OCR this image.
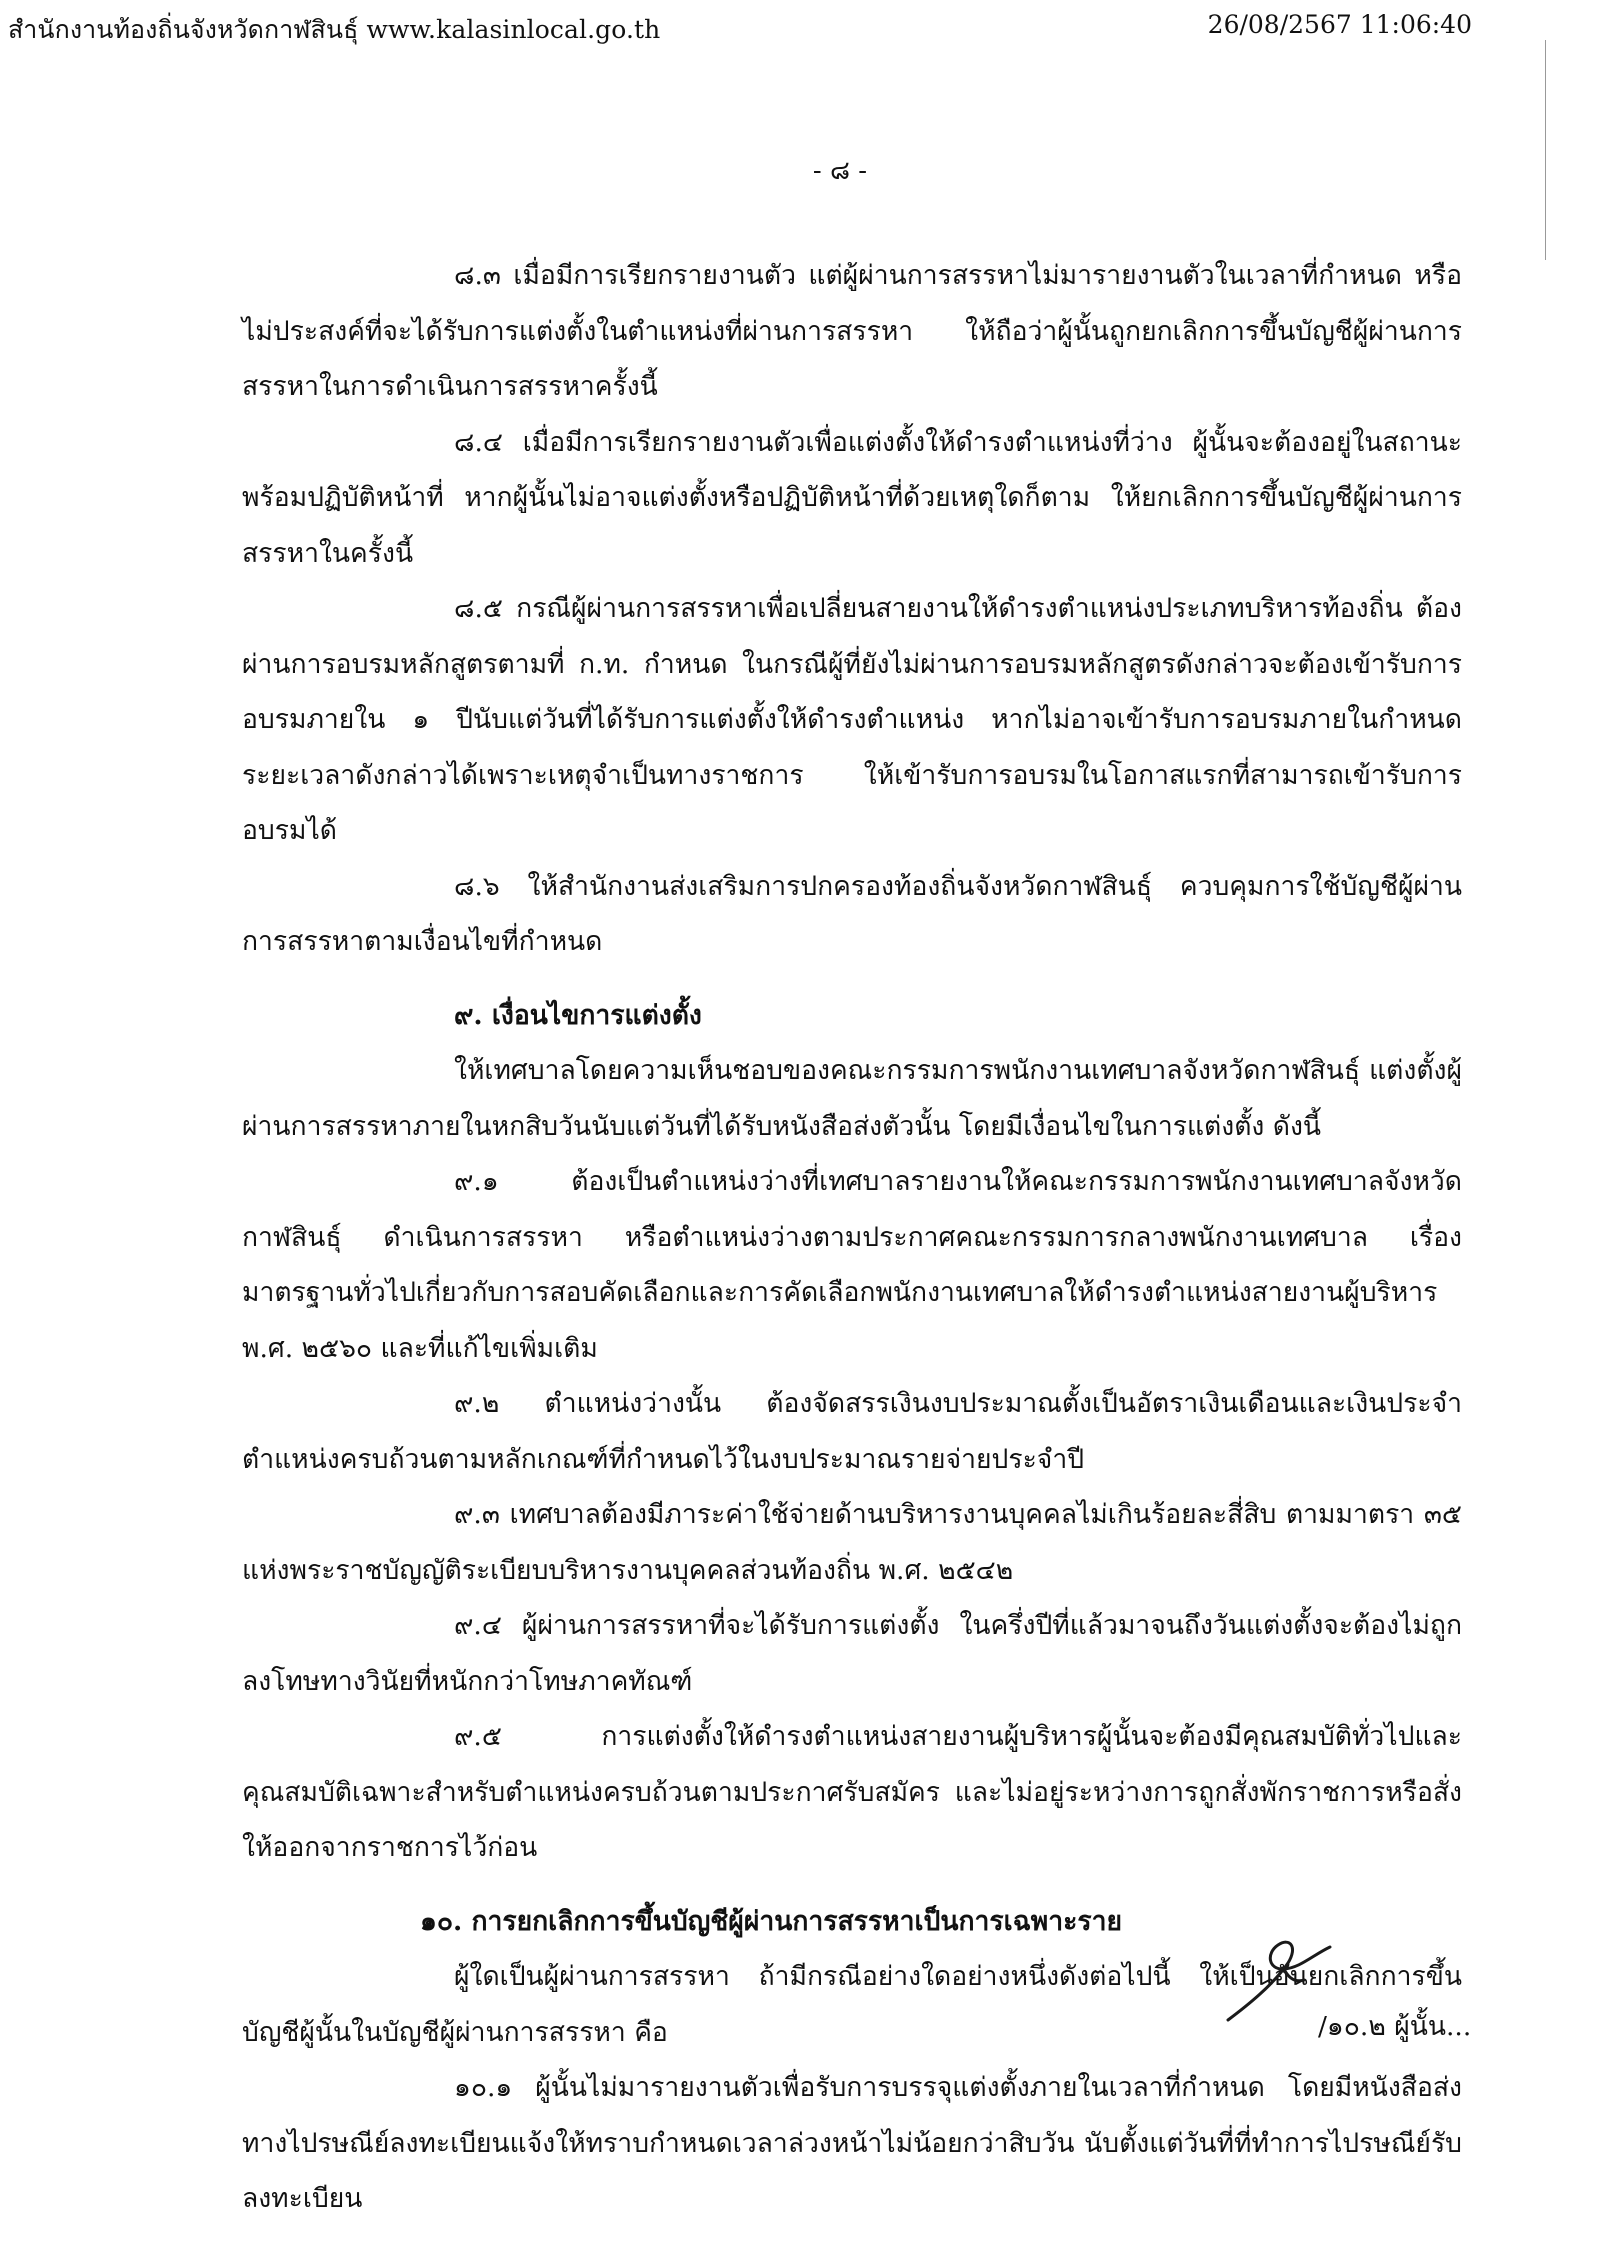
สำนักงานท้องถิ่นจังหวัดกาฬสินธุ์ www.kalasinlocal.go.th	26/08/2567 11:06:40
- ๘ -

๘.๓ เมื่อมีการเรียกรายงานตัว แต่ผู้ผ่านการสรรหาไม่มารายงานตัวในเวลาที่กำหนด หรือไม่ประสงค์ที่จะได้รับการแต่งตั้งในตำแหน่งที่ผ่านการสรรหา ให้ถือว่าผู้นั้นถูกยกเลิกการขึ้นบัญชีผู้ผ่านการสรรหาในการดำเนินการสรรหาครั้งนี้

๘.๔ เมื่อมีการเรียกรายงานตัวเพื่อแต่งตั้งให้ดำรงตำแหน่งที่ว่าง ผู้นั้นจะต้องอยู่ในสถานะพร้อมปฏิบัติหน้าที่ หากผู้นั้นไม่อาจแต่งตั้งหรือปฏิบัติหน้าที่ด้วยเหตุใดก็ตาม ให้ยกเลิกการขึ้นบัญชีผู้ผ่านการสรรหาในครั้งนี้

๘.๕ กรณีผู้ผ่านการสรรหาเพื่อเปลี่ยนสายงานให้ดำรงตำแหน่งประเภทบริหารท้องถิ่น ต้องผ่านการอบรมหลักสูตรตามที่ ก.ท. กำหนด ในกรณีผู้ที่ยังไม่ผ่านการอบรมหลักสูตรดังกล่าวจะต้องเข้ารับการอบรมภายใน ๑ ปีนับแต่วันที่ได้รับการแต่งตั้งให้ดำรงตำแหน่ง หากไม่อาจเข้ารับการอบรมภายในกำหนดระยะเวลาดังกล่าวได้เพราะเหตุจำเป็นทางราชการ ให้เข้ารับการอบรมในโอกาสแรกที่สามารถเข้ารับการอบรมได้

๘.๖ ให้สำนักงานส่งเสริมการปกครองท้องถิ่นจังหวัดกาฬสินธุ์ ควบคุมการใช้บัญชีผู้ผ่านการสรรหาตามเงื่อนไขที่กำหนด

๙. เงื่อนไขการแต่งตั้ง

ให้เทศบาลโดยความเห็นชอบของคณะกรรมการพนักงานเทศบาลจังหวัดกาฬสินธุ์ แต่งตั้งผู้ผ่านการสรรหาภายในหกสิบวันนับแต่วันที่ได้รับหนังสือส่งตัวนั้น โดยมีเงื่อนไขในการแต่งตั้ง ดังนี้

๙.๑ ต้องเป็นตำแหน่งว่างที่เทศบาลรายงานให้คณะกรรมการพนักงานเทศบาลจังหวัดกาฬสินธุ์ ดำเนินการสรรหา หรือตำแหน่งว่างตามประกาศคณะกรรมการกลางพนักงานเทศบาล เรื่อง มาตรฐานทั่วไปเกี่ยวกับการสอบคัดเลือกและการคัดเลือกพนักงานเทศบาลให้ดำรงตำแหน่งสายงานผู้บริหาร พ.ศ. ๒๕๖๐ และที่แก้ไขเพิ่มเติม

๙.๒ ตำแหน่งว่างนั้น ต้องจัดสรรเงินงบประมาณตั้งเป็นอัตราเงินเดือนและเงินประจำตำแหน่งครบถ้วนตามหลักเกณฑ์ที่กำหนดไว้ในงบประมาณรายจ่ายประจำปี

๙.๓ เทศบาลต้องมีภาระค่าใช้จ่ายด้านบริหารงานบุคคลไม่เกินร้อยละสี่สิบ ตามมาตรา ๓๕ แห่งพระราชบัญญัติระเบียบบริหารงานบุคคลส่วนท้องถิ่น พ.ศ. ๒๕๔๒

๙.๔ ผู้ผ่านการสรรหาที่จะได้รับการแต่งตั้ง ในครึ่งปีที่แล้วมาจนถึงวันแต่งตั้งจะต้องไม่ถูกลงโทษทางวินัยที่หนักกว่าโทษภาคทัณฑ์

๙.๕ การแต่งตั้งให้ดำรงตำแหน่งสายงานผู้บริหารผู้นั้นจะต้องมีคุณสมบัติทั่วไปและคุณสมบัติเฉพาะสำหรับตำแหน่งครบถ้วนตามประกาศรับสมัคร และไม่อยู่ระหว่างการถูกสั่งพักราชการหรือสั่งให้ออกจากราชการไว้ก่อน

๑๐. การยกเลิกการขึ้นบัญชีผู้ผ่านการสรรหาเป็นการเฉพาะราย

ผู้ใดเป็นผู้ผ่านการสรรหา ถ้ามีกรณีอย่างใดอย่างหนึ่งดังต่อไปนี้ ให้เป็นอันยกเลิกการขึ้นบัญชีผู้นั้นในบัญชีผู้ผ่านการสรรหา คือ

๑๐.๑ ผู้นั้นไม่มารายงานตัวเพื่อรับการบรรจุแต่งตั้งภายในเวลาที่กำหนด โดยมีหนังสือส่งทางไปรษณีย์ลงทะเบียนแจ้งให้ทราบกำหนดเวลาล่วงหน้าไม่น้อยกว่าสิบวัน นับตั้งแต่วันที่ที่ทำการไปรษณีย์รับลงทะเบียน

/๑๐.๒ ผู้นั้น...
